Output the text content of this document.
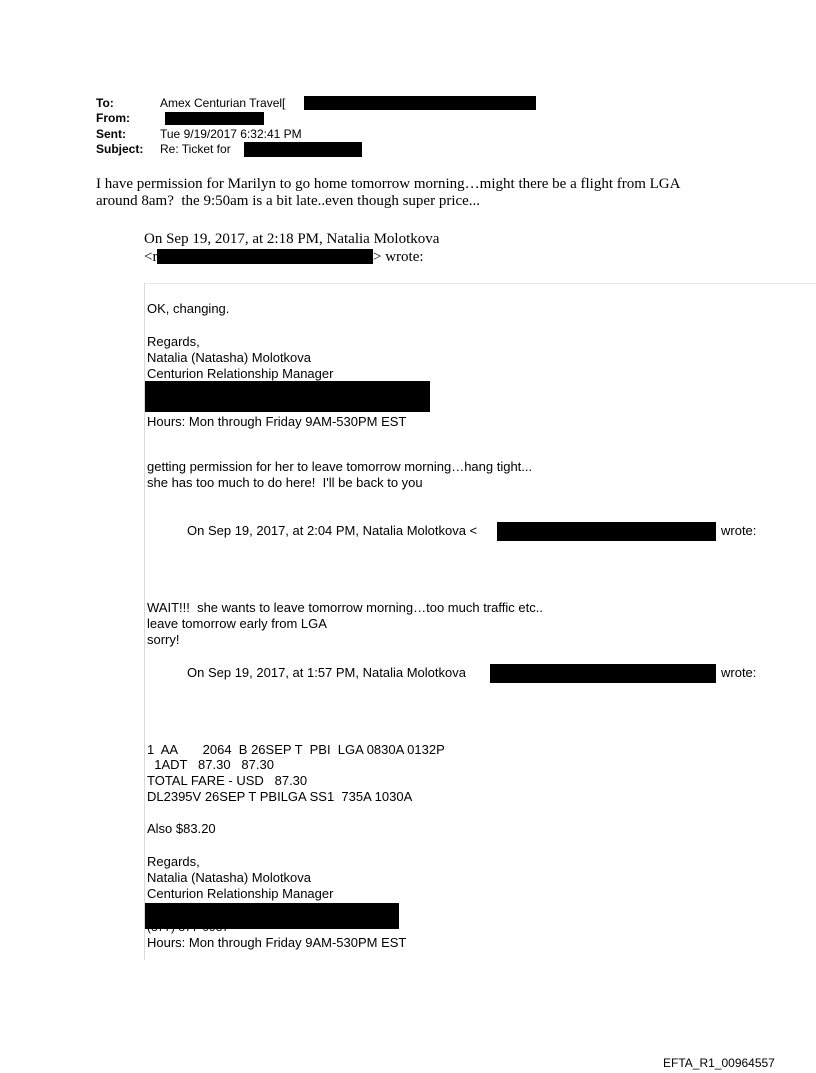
To:	Amex Centurian Travel[
From:
Sent:	Tue 9/19/2017 6:32:41 PM
Subject: Re: Ticket for
I have permission for Marilyn to go home tomorrow morning…might there be a flight from LGA
around 8am?  the 9:50am is a bit late..even though super price...
On Sep 19, 2017, at 2:18 PM, Natalia Molotkova
<r	> wrote:
OK, changing.
Regards,
Natalia (Natasha) Molotkova
Centurion Relationship Manager
Hours: Mon through Friday 9AM-530PM EST
getting permission for her to leave tomorrow morning…hang tight...
she has too much to do here!  I'll be back to you
On Sep 19, 2017, at 2:04 PM, Natalia Molotkova <	wrote:
WAIT!!!  she wants to leave tomorrow morning…too much traffic etc..
leave tomorrow early from LGA
sorry!
On Sep 19, 2017, at 1:57 PM, Natalia Molotkova	wrote:
1  AA       2064  B 26SEP T  PBI  LGA 0830A 0132P
1ADT   87.30   87.30
TOTAL FARE - USD   87.30
DL2395V 26SEP T PBILGA SS1  735A 1030A
Also $83.20
Regards,
Natalia (Natasha) Molotkova
Centurion Relationship Manager
Hours: Mon through Friday 9AM-530PM EST
EFTA_R1_00964557
